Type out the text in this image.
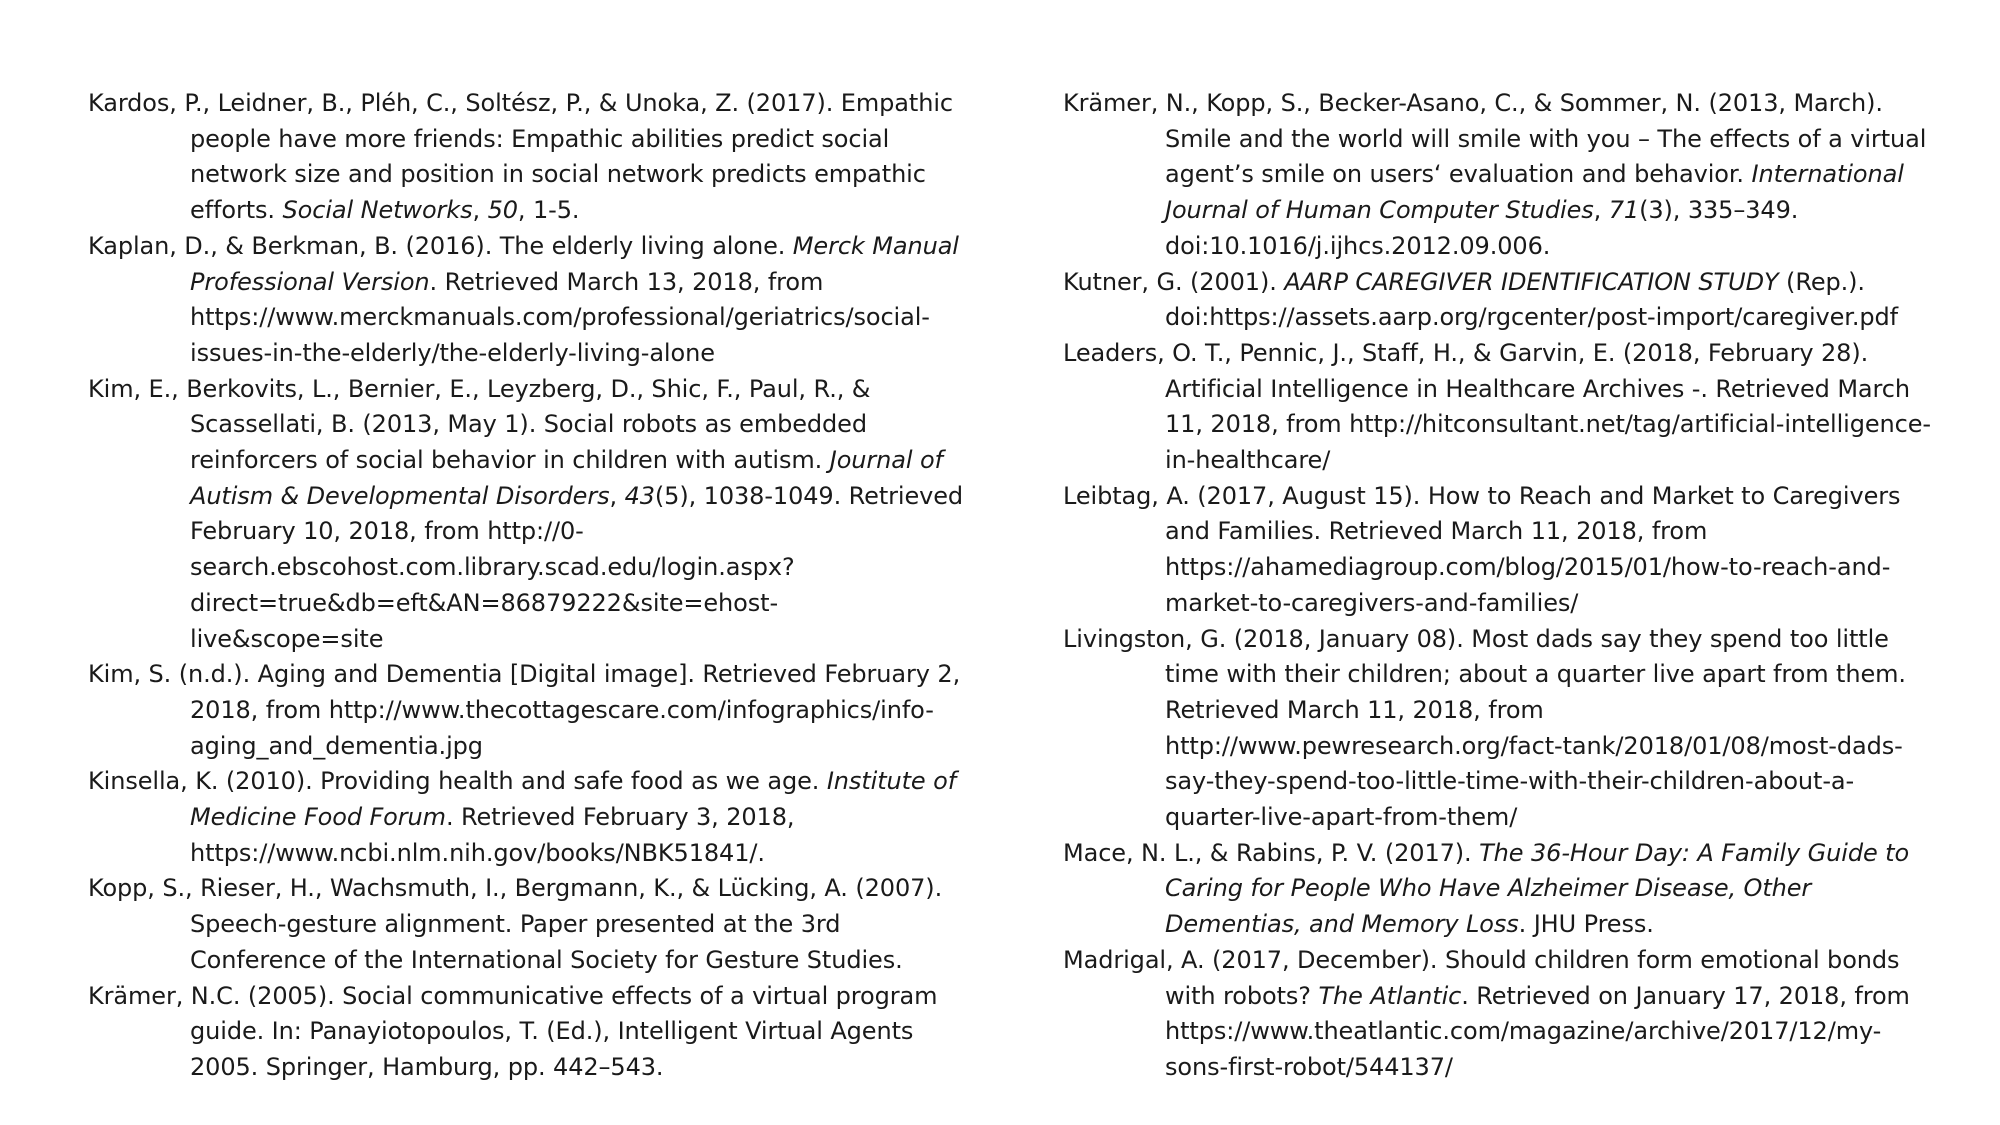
Kardos, P., Leidner, B., Pléh, C., Soltész, P., & Unoka, Z. (2017). Empathic people have more friends: Empathic abilities predict social network size and position in social network predicts empathic efforts. Social Networks, 50, 1-5.

Kaplan, D., & Berkman, B. (2016). The elderly living alone. Merck Manual Professional Version. Retrieved March 13, 2018, from https://www.merckmanuals.com/professional/geriatrics/social-issues-in-the-elderly/the-elderly-living-alone

Kim, E., Berkovits, L., Bernier, E., Leyzberg, D., Shic, F., Paul, R., & Scassellati, B. (2013, May 1). Social robots as embedded reinforcers of social behavior in children with autism. Journal of Autism & Developmental Disorders, 43(5), 1038-1049. Retrieved February 10, 2018, from http://0-search.ebscohost.com.library.scad.edu/login.aspx?direct=true&db=eft&AN=86879222&site=ehost-live&scope=site

Kim, S. (n.d.). Aging and Dementia [Digital image]. Retrieved February 2, 2018, from http://www.thecottagescare.com/infographics/info-aging_and_dementia.jpg

Kinsella, K. (2010). Providing health and safe food as we age. Institute of Medicine Food Forum. Retrieved February 3, 2018, https://www.ncbi.nlm.nih.gov/books/NBK51841/.

Kopp, S., Rieser, H., Wachsmuth, I., Bergmann, K., & Lücking, A. (2007). Speech-gesture alignment. Paper presented at the 3rd Conference of the International Society for Gesture Studies.

Krämer, N.C. (2005). Social communicative effects of a virtual program guide. In: Panayiotopoulos, T. (Ed.), Intelligent Virtual Agents 2005. Springer, Hamburg, pp. 442–543.

Krämer, N., Kopp, S., Becker-Asano, C., & Sommer, N. (2013, March). Smile and the world will smile with you – The effects of a virtual agent’s smile on users‘ evaluation and behavior. International Journal of Human Computer Studies, 71(3), 335–349. doi:10.1016/j.ijhcs.2012.09.006.

Kutner, G. (2001). AARP CAREGIVER IDENTIFICATION STUDY (Rep.). doi:https://assets.aarp.org/rgcenter/post-import/caregiver.pdf

Leaders, O. T., Pennic, J., Staff, H., & Garvin, E. (2018, February 28). Artificial Intelligence in Healthcare Archives -. Retrieved March 11, 2018, from http://hitconsultant.net/tag/artificial-intelligence-in-healthcare/

Leibtag, A. (2017, August 15). How to Reach and Market to Caregivers and Families. Retrieved March 11, 2018, from https://ahamediagroup.com/blog/2015/01/how-to-reach-and-market-to-caregivers-and-families/

Livingston, G. (2018, January 08). Most dads say they spend too little time with their children; about a quarter live apart from them. Retrieved March 11, 2018, from http://www.pewresearch.org/fact-tank/2018/01/08/most-dads-say-they-spend-too-little-time-with-their-children-about-a-quarter-live-apart-from-them/

Mace, N. L., & Rabins, P. V. (2017). The 36-Hour Day: A Family Guide to Caring for People Who Have Alzheimer Disease, Other Dementias, and Memory Loss. JHU Press.

Madrigal, A. (2017, December). Should children form emotional bonds with robots? The Atlantic. Retrieved on January 17, 2018, from https://www.theatlantic.com/magazine/archive/2017/12/my-sons-first-robot/544137/
